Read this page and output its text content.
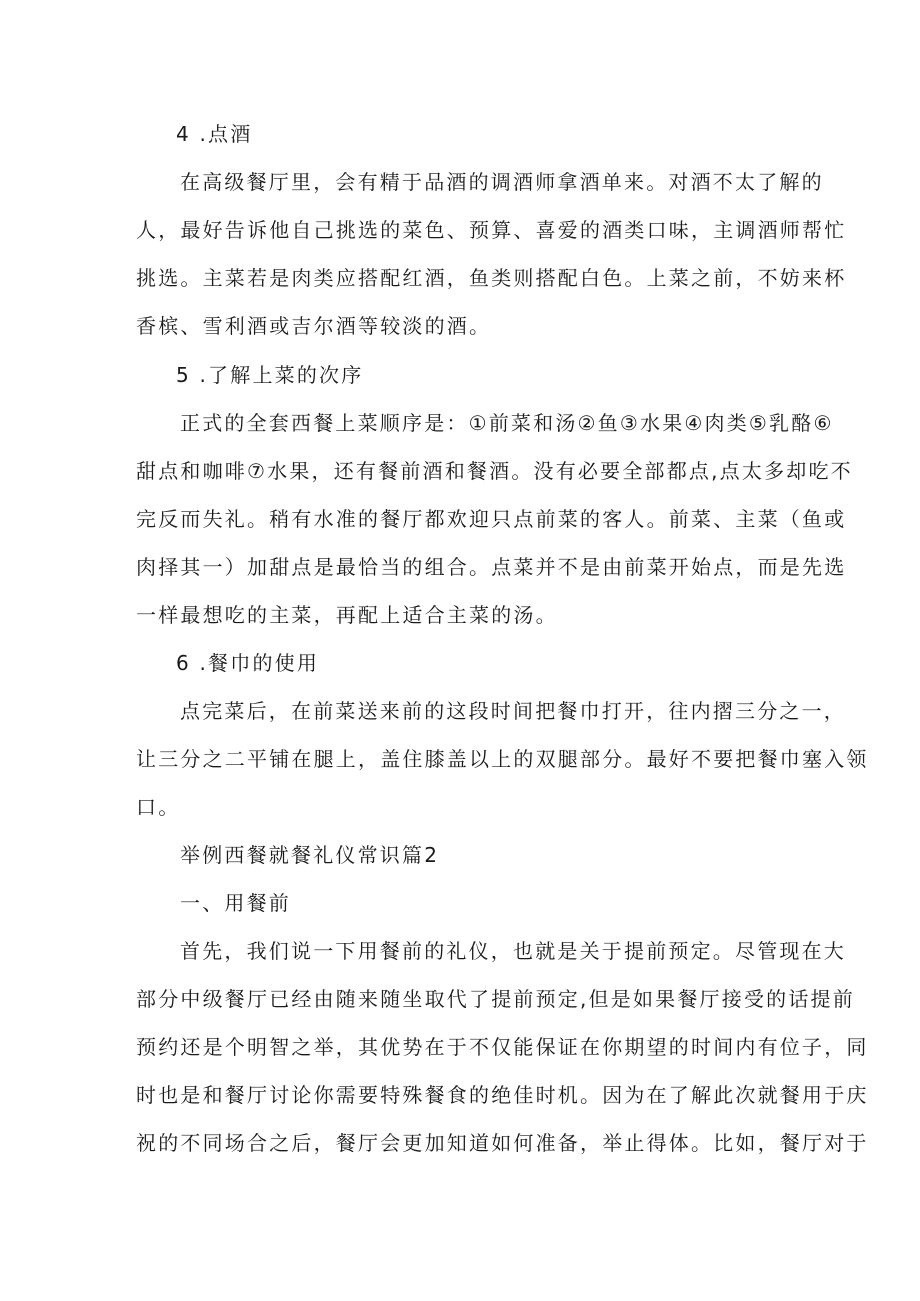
4 .点酒
在高级餐厅里，会有精于品酒的调酒师拿酒单来。对酒不太了解的
人，最好告诉他自己挑选的菜色、预算、喜爱的酒类口味，主调酒师帮忙
挑选。主菜若是肉类应搭配红酒，鱼类则搭配白色。上菜之前，不妨来杯
香槟、雪利酒或吉尔酒等较淡的酒。
5 .了解上菜的次序
正式的全套西餐上菜顺序是：①前菜和汤②鱼③水果④肉类⑤乳酪⑥
甜点和咖啡⑦水果，还有餐前酒和餐酒。没有必要全部都点,点太多却吃不
完反而失礼。稍有水准的餐厅都欢迎只点前菜的客人。前菜、主菜（鱼或
肉择其一）加甜点是最恰当的组合。点菜并不是由前菜开始点，而是先选
一样最想吃的主菜，再配上适合主菜的汤。
6 .餐巾的使用
点完菜后，在前菜送来前的这段时间把餐巾打开，往内摺三分之一，
让三分之二平铺在腿上，盖住膝盖以上的双腿部分。最好不要把餐巾塞入领
口。
举例西餐就餐礼仪常识篇2
一、用餐前
首先，我们说一下用餐前的礼仪，也就是关于提前预定。尽管现在大
部分中级餐厅已经由随来随坐取代了提前预定,但是如果餐厅接受的话提前
预约还是个明智之举，其优势在于不仅能保证在你期望的时间内有位子，同
时也是和餐厅讨论你需要特殊餐食的绝佳时机。因为在了解此次就餐用于庆
祝的不同场合之后，餐厅会更加知道如何准备，举止得体。比如，餐厅对于
